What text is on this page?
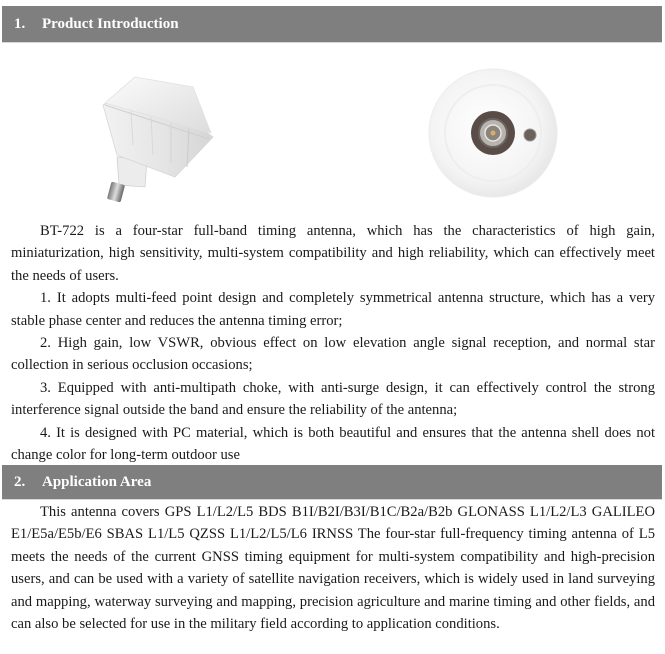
1.	Product Introduction

BT-722 is a four-star full-band timing antenna, which has the characteristics of high gain, miniaturization, high sensitivity, multi-system compatibility and high reliability, which can effectively meet the needs of users.

1. It adopts multi-feed point design and completely symmetrical antenna structure, which has a very stable phase center and reduces the antenna timing error;

2. High gain, low VSWR, obvious effect on low elevation angle signal reception, and normal star collection in serious occlusion occasions;

3. Equipped with anti-multipath choke, with anti-surge design, it can effectively control the strong interference signal outside the band and ensure the reliability of the antenna;

4. It is designed with PC material, which is both beautiful and ensures that the antenna shell does not change color for long-term outdoor use

2.	Application Area

This antenna covers GPS L1/L2/L5 BDS B1I/B2I/B3I/B1C/B2a/B2b GLONASS L1/L2/L3 GALILEO E1/E5a/E5b/E6 SBAS L1/L5 QZSS L1/L2/L5/L6 IRNSS The four-star full-frequency timing antenna of L5 meets the needs of the current GNSS timing equipment for multi-system compatibility and high-precision users, and can be used with a variety of satellite navigation receivers, which is widely used in land surveying and mapping, waterway surveying and mapping, precision agriculture and marine timing and other fields, and can also be selected for use in the military field according to application conditions.
